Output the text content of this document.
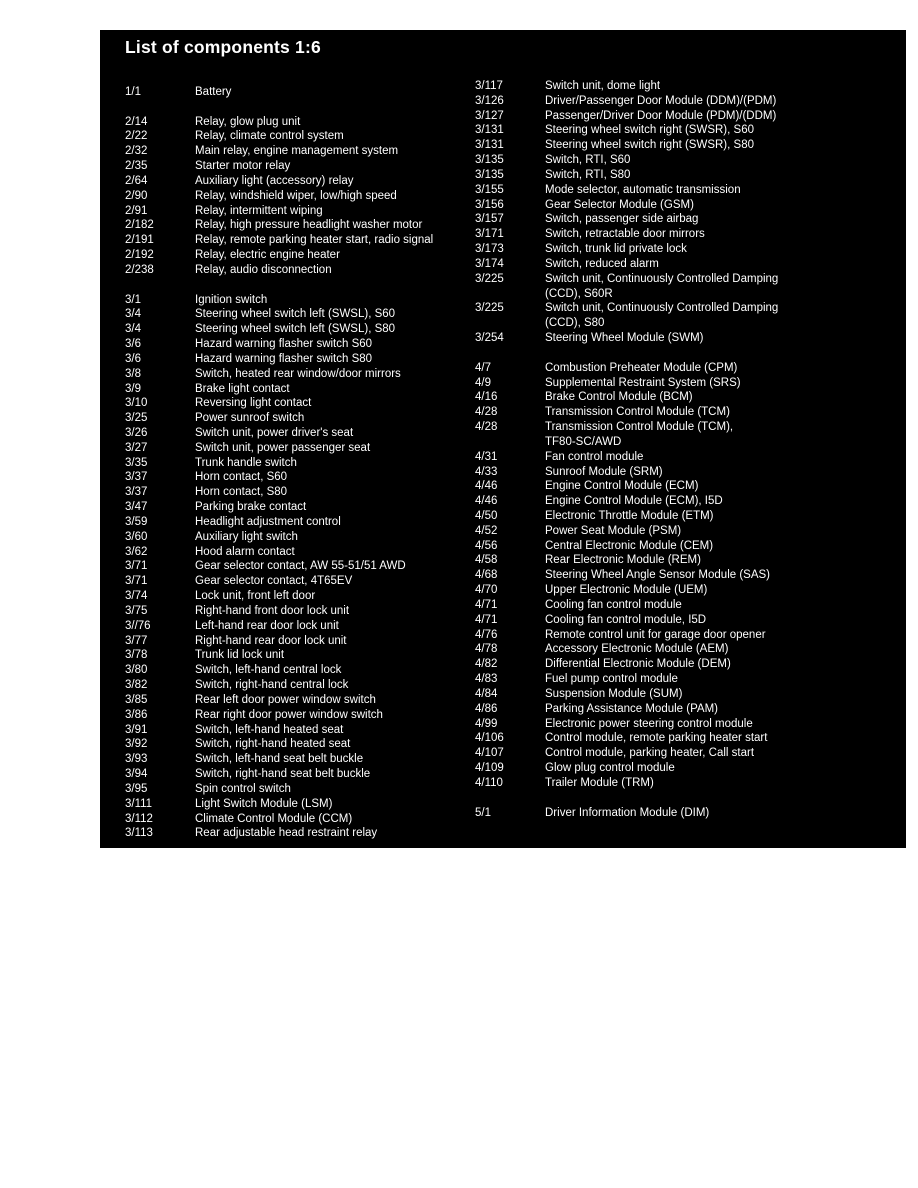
List of components 1:6
1/1	Battery
2/14	Relay, glow plug unit
2/22	Relay, climate control system
2/32	Main relay, engine management system
2/35	Starter motor relay
2/64	Auxiliary light (accessory) relay
2/90	Relay, windshield wiper, low/high speed
2/91	Relay, intermittent wiping
2/182	Relay, high pressure headlight washer motor
2/191	Relay, remote parking heater start, radio signal
2/192	Relay, electric engine heater
2/238	Relay, audio disconnection
3/1	Ignition switch
3/4	Steering wheel switch left (SWSL), S60
3/4	Steering wheel switch left (SWSL), S80
3/6	Hazard warning flasher switch S60
3/6	Hazard warning flasher switch S80
3/8	Switch, heated rear window/door mirrors
3/9	Brake light contact
3/10	Reversing light contact
3/25	Power sunroof switch
3/26	Switch unit, power driver's seat
3/27	Switch unit, power passenger seat
3/35	Trunk handle switch
3/37	Horn contact, S60
3/37	Horn contact, S80
3/47	Parking brake contact
3/59	Headlight adjustment control
3/60	Auxiliary light switch
3/62	Hood alarm contact
3/71	Gear selector contact, AW 55-51/51 AWD
3/71	Gear selector contact, 4T65EV
3/74	Lock unit, front left door
3/75	Right-hand front door lock unit
3//76	Left-hand rear door lock unit
3/77	Right-hand rear door lock unit
3/78	Trunk lid lock unit
3/80	Switch, left-hand central lock
3/82	Switch, right-hand central lock
3/85	Rear left door power window switch
3/86	Rear right door power window switch
3/91	Switch, left-hand heated seat
3/92	Switch, right-hand heated seat
3/93	Switch, left-hand seat belt buckle
3/94	Switch, right-hand seat belt buckle
3/95	Spin control switch
3/111	Light Switch Module (LSM)
3/112	Climate Control Module (CCM)
3/113	Rear adjustable head restraint relay
3/117	Switch unit, dome light
3/126	Driver/Passenger Door Module (DDM)/(PDM)
3/127	Passenger/Driver Door Module (PDM)/(DDM)
3/131	Steering wheel switch right (SWSR), S60
3/131	Steering wheel switch right (SWSR), S80
3/135	Switch, RTI, S60
3/135	Switch, RTI, S80
3/155	Mode selector, automatic transmission
3/156	Gear Selector Module (GSM)
3/157	Switch, passenger side airbag
3/171	Switch, retractable door mirrors
3/173	Switch, trunk lid private lock
3/174	Switch, reduced alarm
3/225	Switch unit, Continuously Controlled Damping
(CCD), S60R
3/225	Switch unit, Continuously Controlled Damping
(CCD), S80
3/254	Steering Wheel Module (SWM)
4/7	Combustion Preheater Module (CPM)
4/9	Supplemental Restraint System (SRS)
4/16	Brake Control Module (BCM)
4/28	Transmission Control Module (TCM)
4/28	Transmission Control Module (TCM),
TF80-SC/AWD
4/31	Fan control module
4/33	Sunroof Module (SRM)
4/46	Engine Control Module (ECM)
4/46	Engine Control Module (ECM), I5D
4/50	Electronic Throttle Module (ETM)
4/52	Power Seat Module (PSM)
4/56	Central Electronic Module (CEM)
4/58	Rear Electronic Module (REM)
4/68	Steering Wheel Angle Sensor Module (SAS)
4/70	Upper Electronic Module (UEM)
4/71	Cooling fan control module
4/71	Cooling fan control module, I5D
4/76	Remote control unit for garage door opener
4/78	Accessory Electronic Module (AEM)
4/82	Differential Electronic Module (DEM)
4/83	Fuel pump control module
4/84	Suspension Module (SUM)
4/86	Parking Assistance Module (PAM)
4/99	Electronic power steering control module
4/106	Control module, remote parking heater start
4/107	Control module, parking heater, Call start
4/109	Glow plug control module
4/110	Trailer Module (TRM)
5/1	Driver Information Module (DIM)
